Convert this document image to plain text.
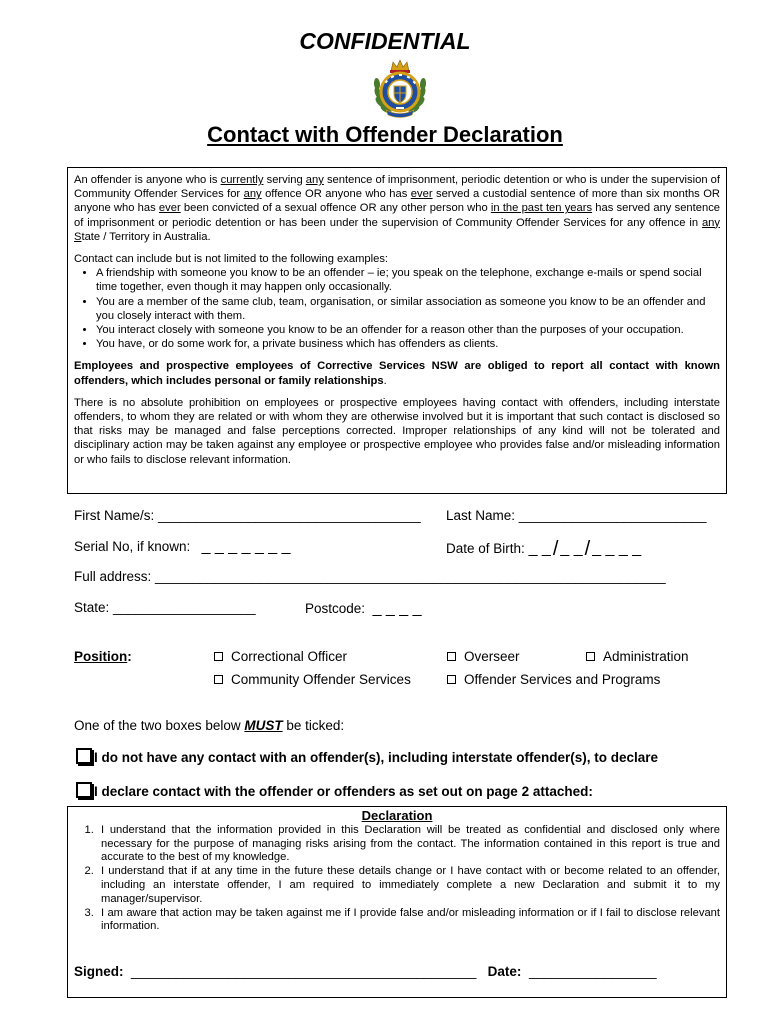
CONFIDENTIAL
Contact with Offender Declaration

An offender is anyone who is currently serving any sentence of imprisonment, periodic detention or who is under the supervision of Community Offender Services for any offence OR anyone who has ever served a custodial sentence of more than six months OR anyone who has ever been convicted of a sexual offence OR any other person who in the past ten years has served any sentence of imprisonment or periodic detention or has been under the supervision of Community Offender Services for any offence in any State / Territory in Australia.

Contact can include but is not limited to the following examples:
• A friendship with someone you know to be an offender – ie; you speak on the telephone, exchange e-mails or spend social time together, even though it may happen only occasionally.
• You are a member of the same club, team, organisation, or similar association as someone you know to be an offender and you closely interact with them.
• You interact closely with someone you know to be an offender for a reason other than the purposes of your occupation.
• You have, or do some work for, a private business which has offenders as clients.

Employees and prospective employees of Corrective Services NSW are obliged to report all contact with known offenders, which includes personal or family relationships.

There is no absolute prohibition on employees or prospective employees having contact with offenders, including interstate offenders, to whom they are related or with whom they are otherwise involved but it is important that such contact is disclosed so that risks may be managed and false perceptions corrected. Improper relationships of any kind will not be tolerated and disciplinary action may be taken against any employee or prospective employee who provides false and/or misleading information or who fails to disclose relevant information.

First Name/s: ___________________________________ Last Name: _________________________
Serial No, if known: _ _ _ _ _ _ _	Date of Birth: _ _ / _ _ / _ _ _ _
Full address: ____________________________________________________________________
State: ___________________	Postcode: _ _ _ _
Position:	Correctional Officer	Overseer	Administration
Community Offender Services	Offender Services and Programs
One of the two boxes below MUST be ticked:
I do not have any contact with an offender(s), including interstate offender(s), to declare
I declare contact with the offender or offenders as set out on page 2 attached:
Declaration
1. I understand that the information provided in this Declaration will be treated as confidential and disclosed only where necessary for the purpose of managing risks arising from the contact. The information contained in this report is true and accurate to the best of my knowledge.
2. I understand that if at any time in the future these details change or I have contact with or become related to an offender, including an interstate offender, I am required to immediately complete a new Declaration and submit it to my manager/supervisor.
3. I am aware that action may be taken against me if I provide false and/or misleading information or if I fail to disclose relevant information.
Signed: ______________________________________________ Date: _________________
